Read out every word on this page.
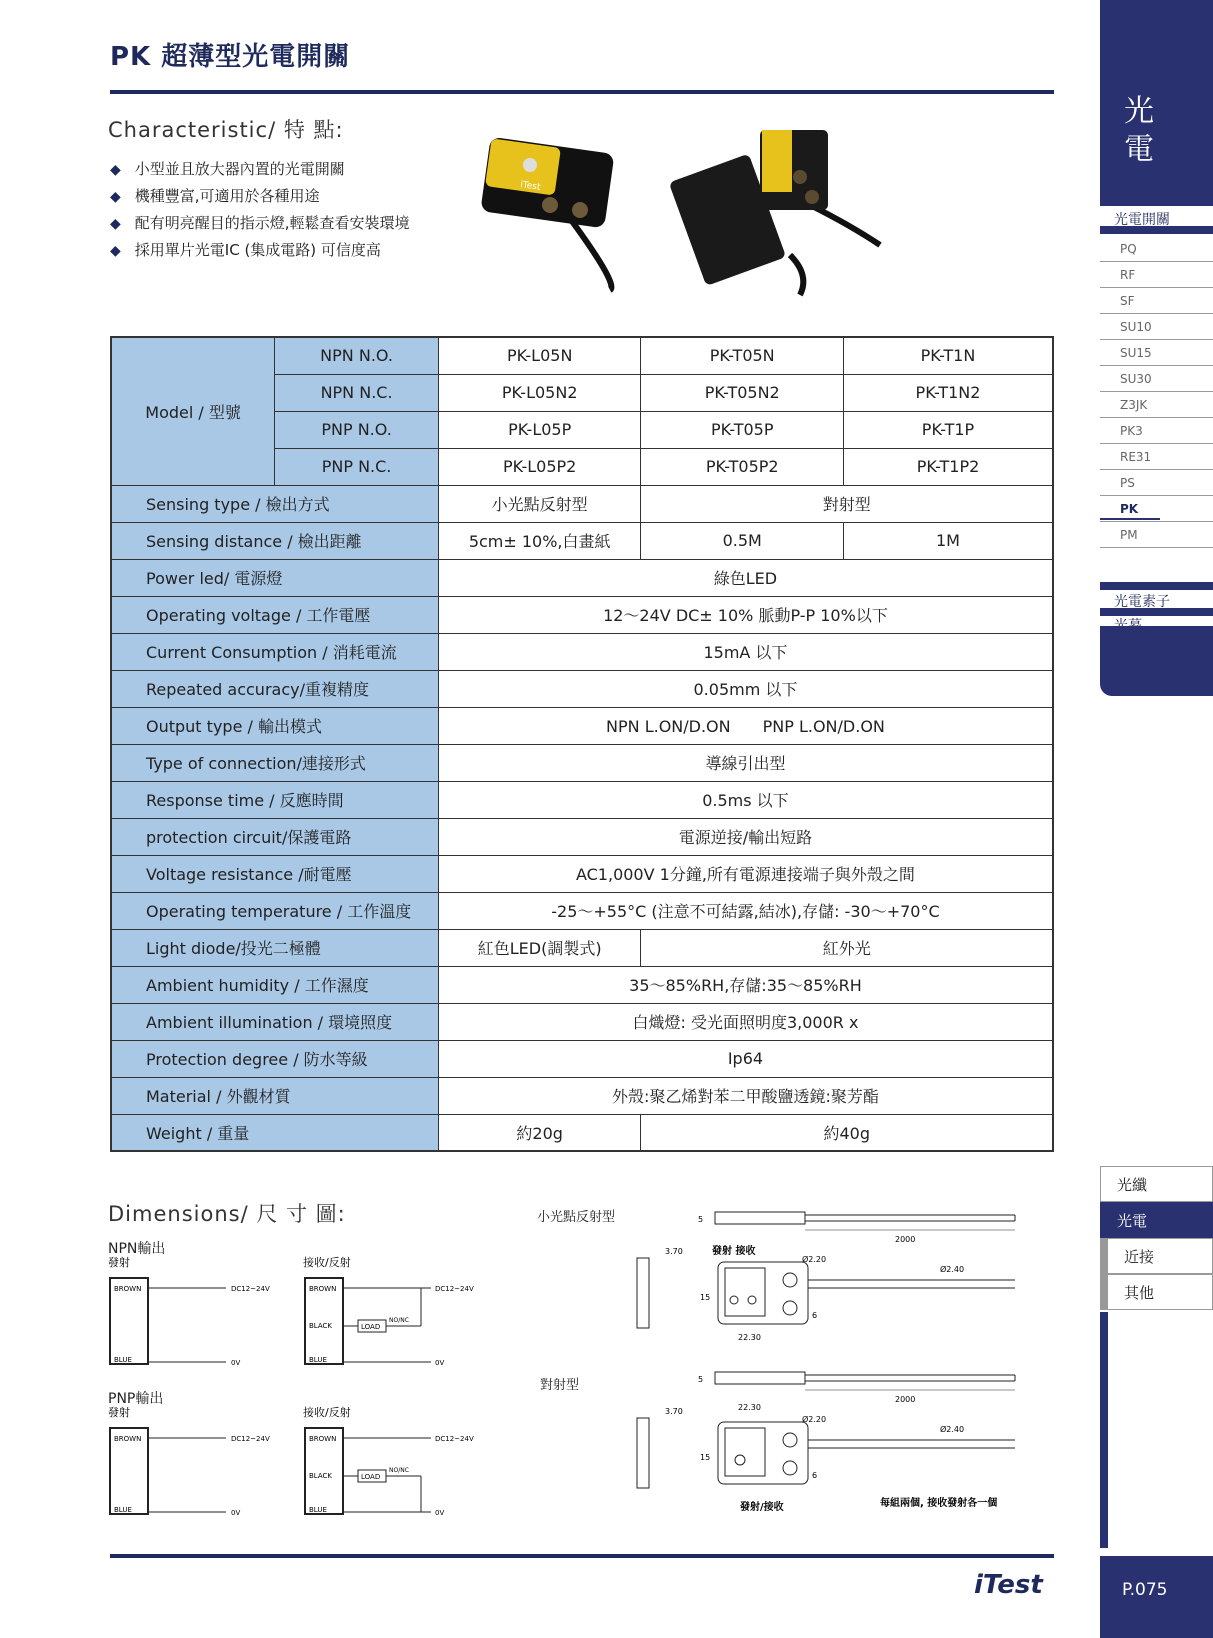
PK 超薄型光電開關
Characteristic/ 特 點:
◆ 小型並且放大器內置的光電開關
◆ 機種豐富,可適用於各種用途
◆ 配有明亮醒目的指示燈,輕鬆查看安裝環境
◆ 採用單片光電IC (集成電路) 可信度高
iTest
Model / 型號	NPN N.O.	PK-L05N	PK-T05N	PK-T1N
	NPN N.C.	PK-L05N2	PK-T05N2	PK-T1N2
	PNP N.O.	PK-L05P	PK-T05P	PK-T1P
	PNP N.C.	PK-L05P2	PK-T05P2	PK-T1P2
Sensing type / 檢出方式		小光點反射型	對射型	
Sensing distance / 檢出距離		5cm± 10%,白畫紙	0.5M	1M
Power led/ 電源燈		綠色LED		
Operating voltage / 工作電壓		12～24V DC± 10% 脈動P-P 10%以下		
Current Consumption / 消耗電流		15mA 以下		
Repeated accuracy/重複精度		0.05mm 以下		
Output type / 輸出模式		NPN L.ON/D.ON　　PNP L.ON/D.ON		
Type of connection/連接形式		導線引出型		
Response time / 反應時間		0.5ms 以下		
protection circuit/保護電路		電源逆接/輸出短路		
Voltage resistance /耐電壓		AC1,000V 1分鐘,所有電源連接端子與外殼之間		
Operating temperature / 工作溫度		-25～+55°C (注意不可結露,結冰),存儲: -30～+70°C		
Light diode/投光二極體		紅色LED(調製式)	紅外光	
Ambient humidity / 工作濕度		35～85%RH,存儲:35～85%RH		
Ambient illumination / 環境照度		白熾燈: 受光面照明度3,000R x		
Protection degree / 防水等級		Ip64		
Material / 外觀材質		外殼:聚乙烯對苯二甲酸鹽透鏡:聚芳酯		
Weight / 重量		約20g	約40g	
Dimensions/ 尺 寸 圖:
NPN輸出
PNP輸出
發射
BROWN
BLUE
DC12~24V
0V
接收/反射
BROWN
BLACK
BLUE
LOAD
NO/NC
DC12~24V
0V
發射
BROWN
BLUE
DC12~24V
0V
接收/反射
BROWN
BLACK
BLUE
LOAD
NO/NC
DC12~24V
0V
小光點反射型
對射型
5
2000
3.70	發射 接收
Ø2.20
15
22.30
6
Ø2.40
5
2000
3.70	22.30
Ø2.20
15
6
Ø2.40
發射/接收	每組兩個, 接收發射各一個
iTest
光
電
光電開關
PQ
RF
SF
SU10
SU15
SU30
Z3JK
PK3
RE31
PS
PK
PM
光電素子
光纖
光電
近接
其他
P.075
